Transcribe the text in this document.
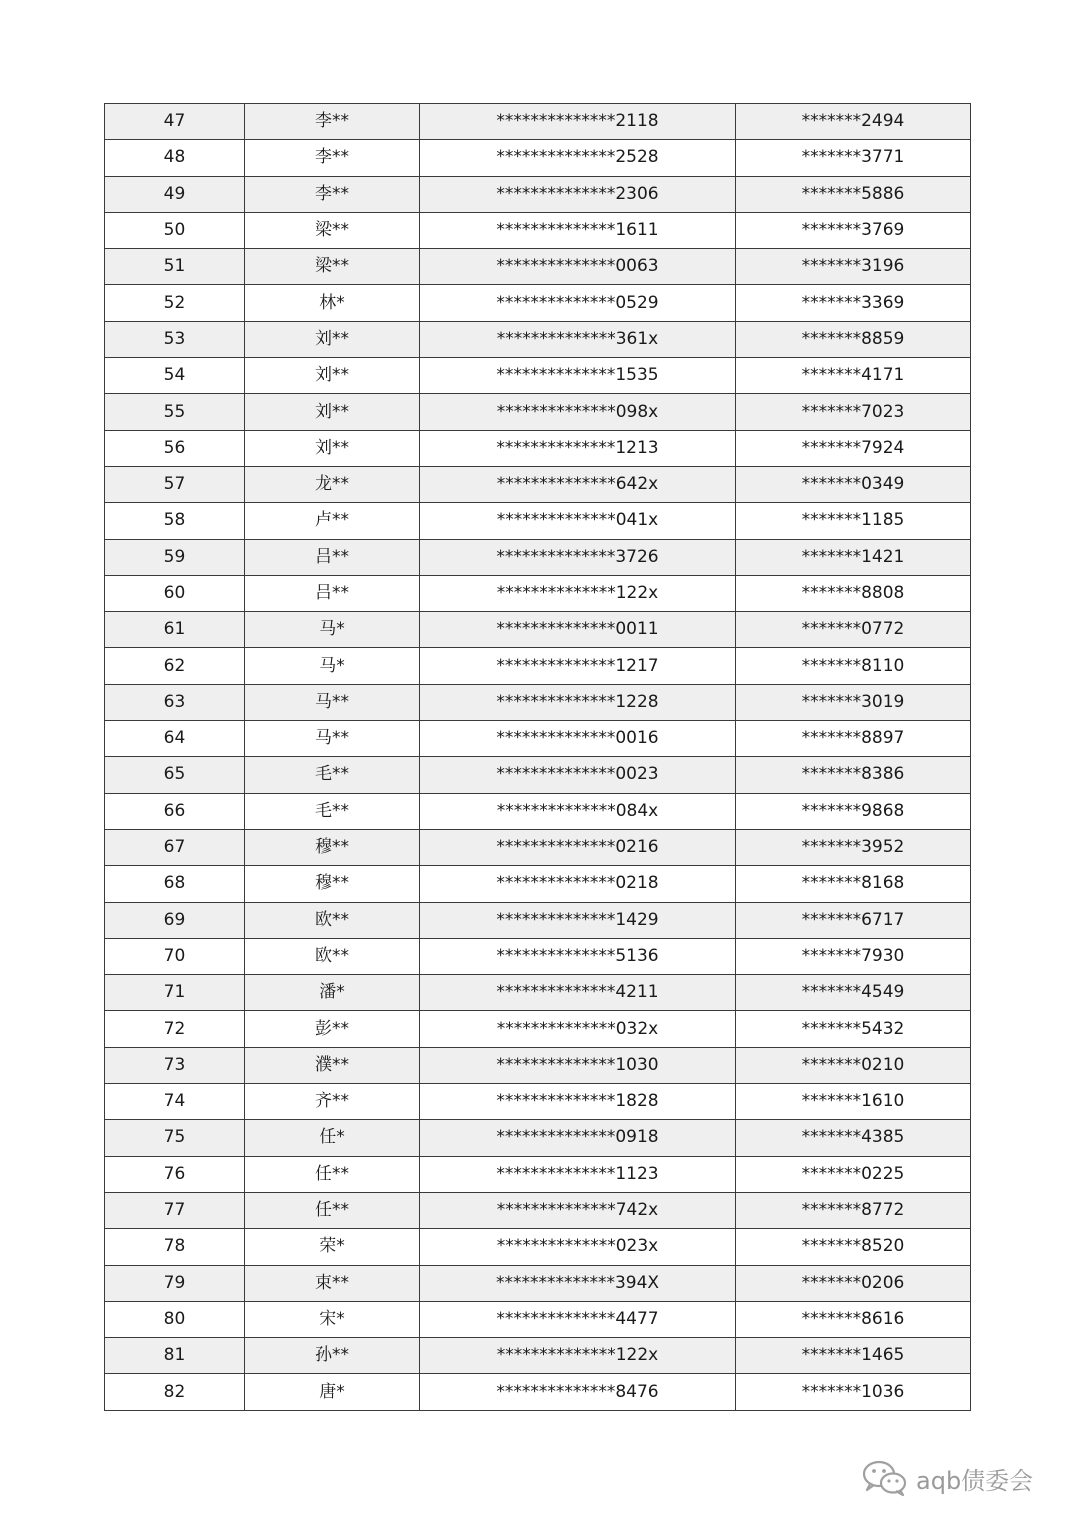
47	李**	**************2118	*******2494
48	李**	**************2528	*******3771
49	李**	**************2306	*******5886
50	梁**	**************1611	*******3769
51	梁**	**************0063	*******3196
52	林*	**************0529	*******3369
53	刘**	**************361x	*******8859
54	刘**	**************1535	*******4171
55	刘**	**************098x	*******7023
56	刘**	**************1213	*******7924
57	龙**	**************642x	*******0349
58	卢**	**************041x	*******1185
59	吕**	**************3726	*******1421
60	吕**	**************122x	*******8808
61	马*	**************0011	*******0772
62	马*	**************1217	*******8110
63	马**	**************1228	*******3019
64	马**	**************0016	*******8897
65	毛**	**************0023	*******8386
66	毛**	**************084x	*******9868
67	穆**	**************0216	*******3952
68	穆**	**************0218	*******8168
69	欧**	**************1429	*******6717
70	欧**	**************5136	*******7930
71	潘*	**************4211	*******4549
72	彭**	**************032x	*******5432
73	濮**	**************1030	*******0210
74	齐**	**************1828	*******1610
75	任*	**************0918	*******4385
76	任**	**************1123	*******0225
77	任**	**************742x	*******8772
78	荣*	**************023x	*******8520
79	束**	**************394X	*******0206
80	宋*	**************4477	*******8616
81	孙**	**************122x	*******1465
82	唐*	**************8476	*******1036
aqb债委会
